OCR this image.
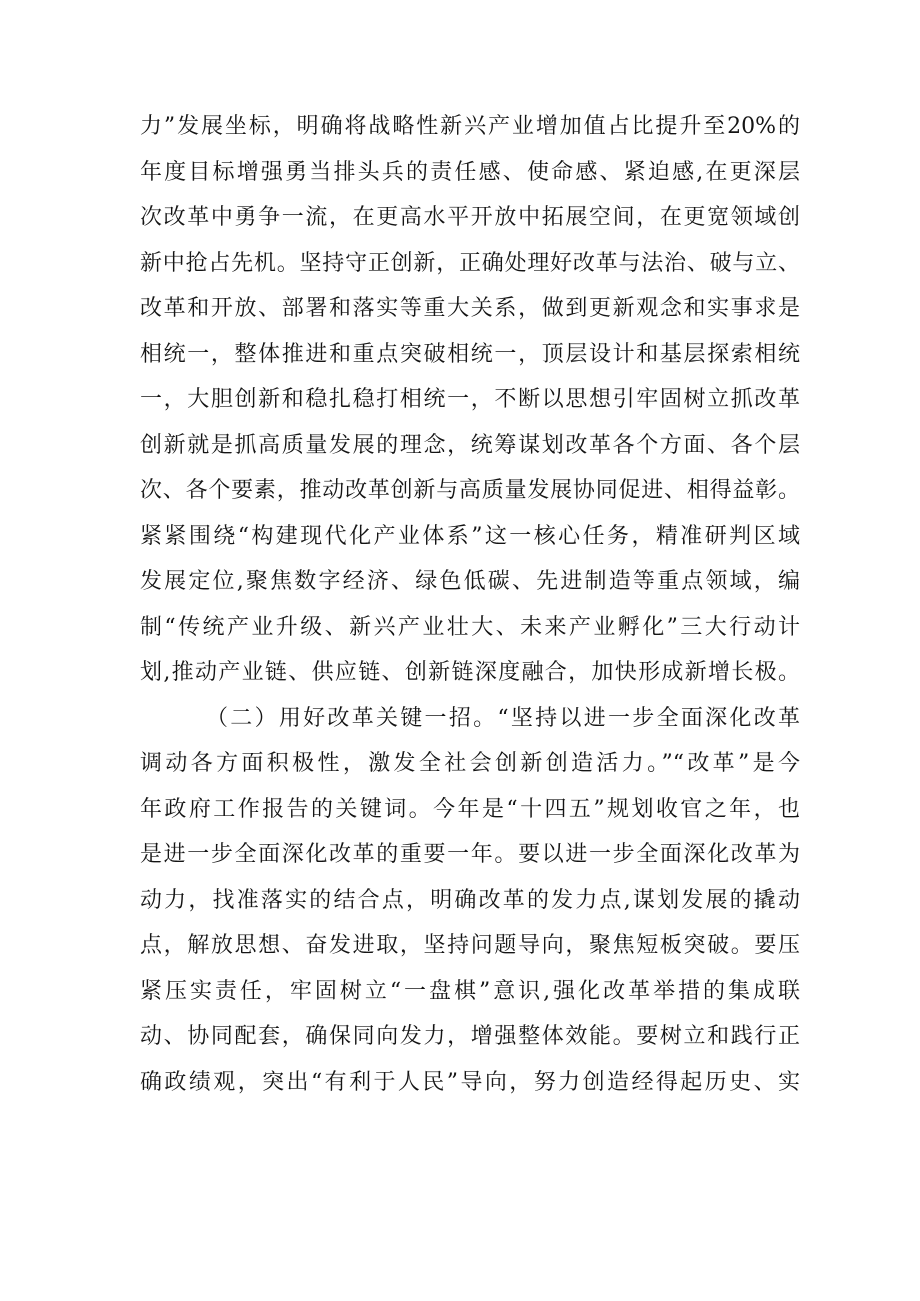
力”发展坐标，明确将战略性新兴产业增加值占比提升至20%的
年度目标增强勇当排头兵的责任感、使命感、紧迫感,在更深层
次改革中勇争一流，在更高水平开放中拓展空间，在更宽领域创
新中抢占先机。坚持守正创新，正确处理好改革与法治、破与立、
改革和开放、部署和落实等重大关系，做到更新观念和实事求是
相统一，整体推进和重点突破相统一，顶层设计和基层探索相统
一，大胆创新和稳扎稳打相统一，不断以思想引牢固树立抓改革
创新就是抓高质量发展的理念，统筹谋划改革各个方面、各个层
次、各个要素，推动改革创新与高质量发展协同促进、相得益彰。
紧紧围绕“构建现代化产业体系”这一核心任务，精准研判区域
发展定位,聚焦数字经济、绿色低碳、先进制造等重点领域，编
制“传统产业升级、新兴产业壮大、未来产业孵化”三大行动计
划,推动产业链、供应链、创新链深度融合，加快形成新增长极。
（二）用好改革关键一招。“坚持以进一步全面深化改革
调动各方面积极性，激发全社会创新创造活力。”“改革”是今
年政府工作报告的关键词。今年是“十四五”规划收官之年，也
是进一步全面深化改革的重要一年。要以进一步全面深化改革为
动力，找准落实的结合点，明确改革的发力点,谋划发展的撬动
点，解放思想、奋发进取，坚持问题导向，聚焦短板突破。要压
紧压实责任，牢固树立“一盘棋”意识,强化改革举措的集成联
动、协同配套，确保同向发力，增强整体效能。要树立和践行正
确政绩观，突出“有利于人民”导向，努力创造经得起历史、实
